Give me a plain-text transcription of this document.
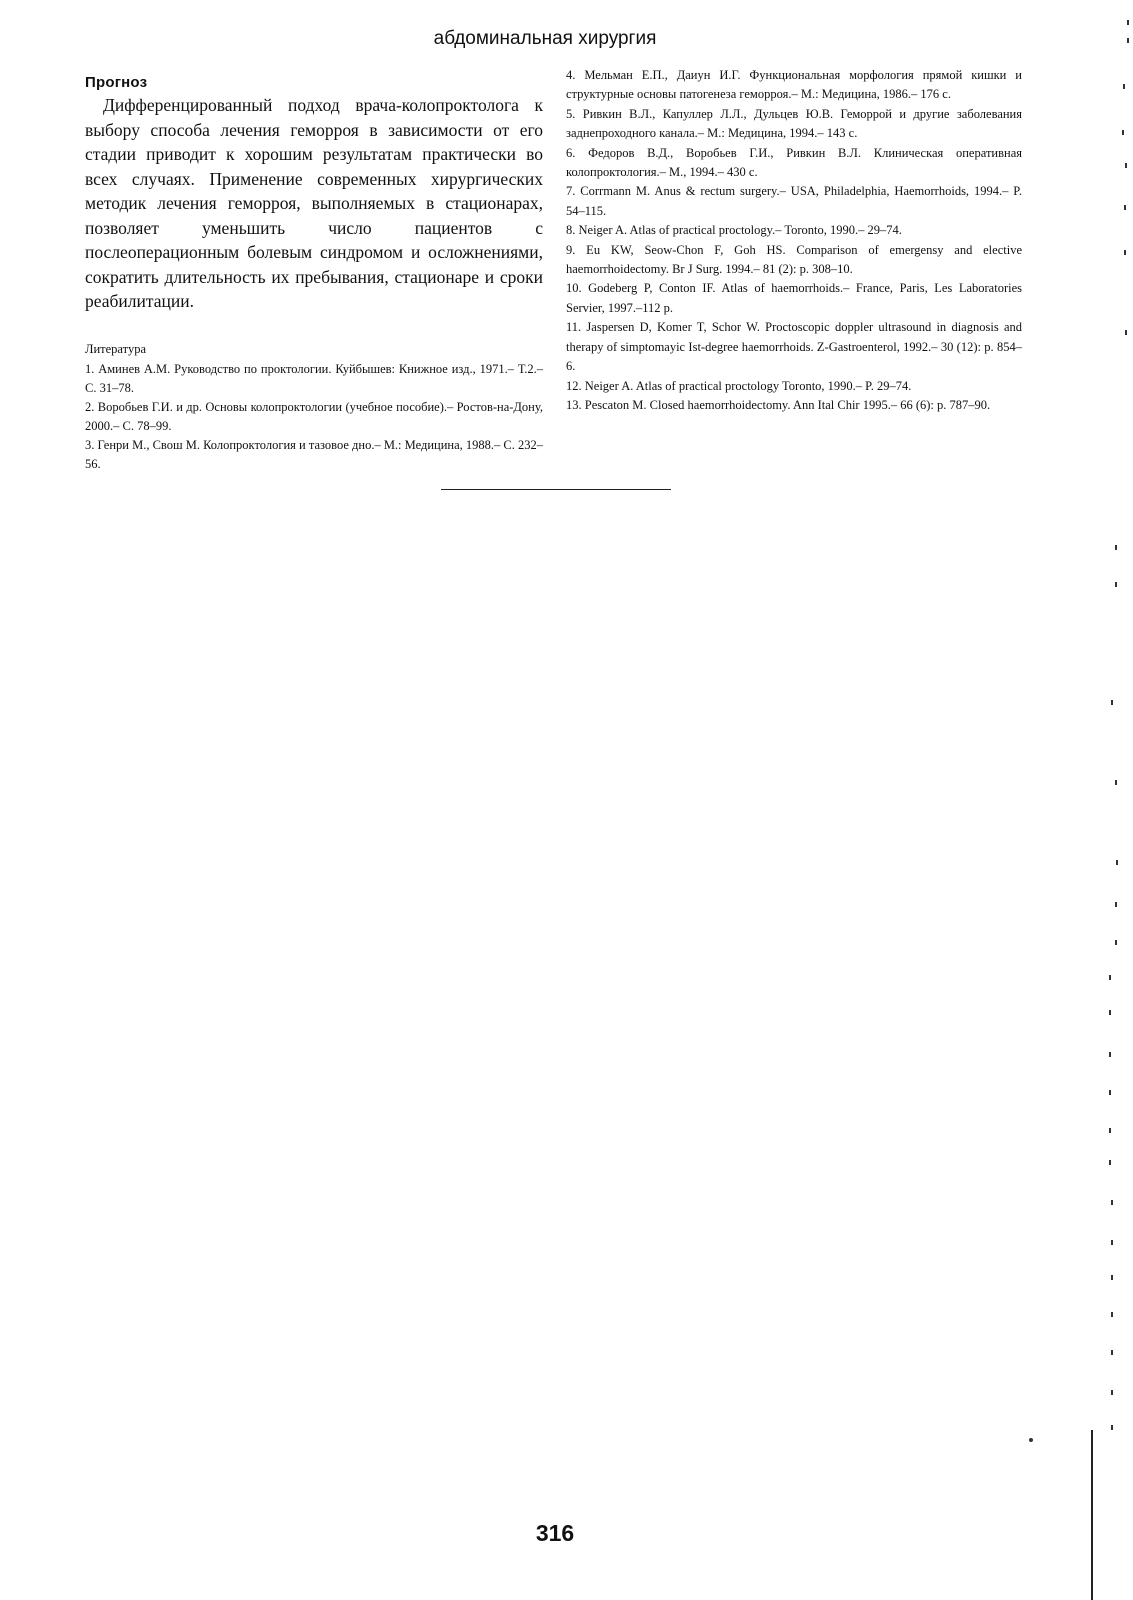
абдоминальная хирургия
Прогноз

Дифференцированный подход врача-колопроктолога к выбору способа лечения геморроя в зависимости от его стадии приводит к хорошим результатам практически во всех случаях. Применение современных хирургических методик лечения геморроя, выполняемых в стационарах, позволяет уменьшить число пациентов с послеоперационным болевым синдромом и осложнениями, сократить длительность их пребывания, стационаре и сроки реабилитации.

Литература

1. Аминев А.М. Руководство по проктологии. Куйбышев: Книжное изд., 1971.– Т.2.– С. 31–78.

2. Воробьев Г.И. и др. Основы колопроктологии (учебное пособие).– Ростов-на-Дону, 2000.– С. 78–99.

3. Генри М., Свош М. Колопроктология и тазовое дно.– М.: Медицина, 1988.– С. 232–56.

4. Мельман Е.П., Даиун И.Г. Функциональная морфология прямой кишки и структурные основы патогенеза геморроя.– М.: Медицина, 1986.– 176 с.

5. Ривкин В.Л., Капуллер Л.Л., Дульцев Ю.В. Геморрой и другие заболевания заднепроходного канала.– М.: Медицина, 1994.– 143 с.

6. Федоров В.Д., Воробьев Г.И., Ривкин В.Л. Клиническая оперативная колопроктология.– М., 1994.– 430 с.

7. Corrmann M. Anus & rectum surgery.– USA, Philadelphia, Haemorrhoids, 1994.– P. 54–115.

8. Neiger A. Atlas of practical proctology.– Toronto, 1990.– 29–74.

9. Eu KW, Seow-Chon F, Goh HS. Comparison of emergensy and elective haemorrhoidectomy. Br J Surg. 1994.– 81 (2): p. 308–10.

10. Godeberg P, Conton IF. Atlas of haemorrhoids.– France, Paris, Les Laboratories Servier, 1997.–112 p.

11. Jaspersen D, Komer T, Schor W. Proctoscopic doppler ultrasound in diagnosis and therapy of simptomayic Ist-degree haemorrhoids. Z-Gastroenterol, 1992.– 30 (12): p. 854–6.

12. Neiger A. Atlas of practical proctology Toronto, 1990.– P. 29–74.

13. Pescaton M. Closed haemorrhoidectomy. Ann Ital Chir 1995.– 66 (6): p. 787–90.

316
